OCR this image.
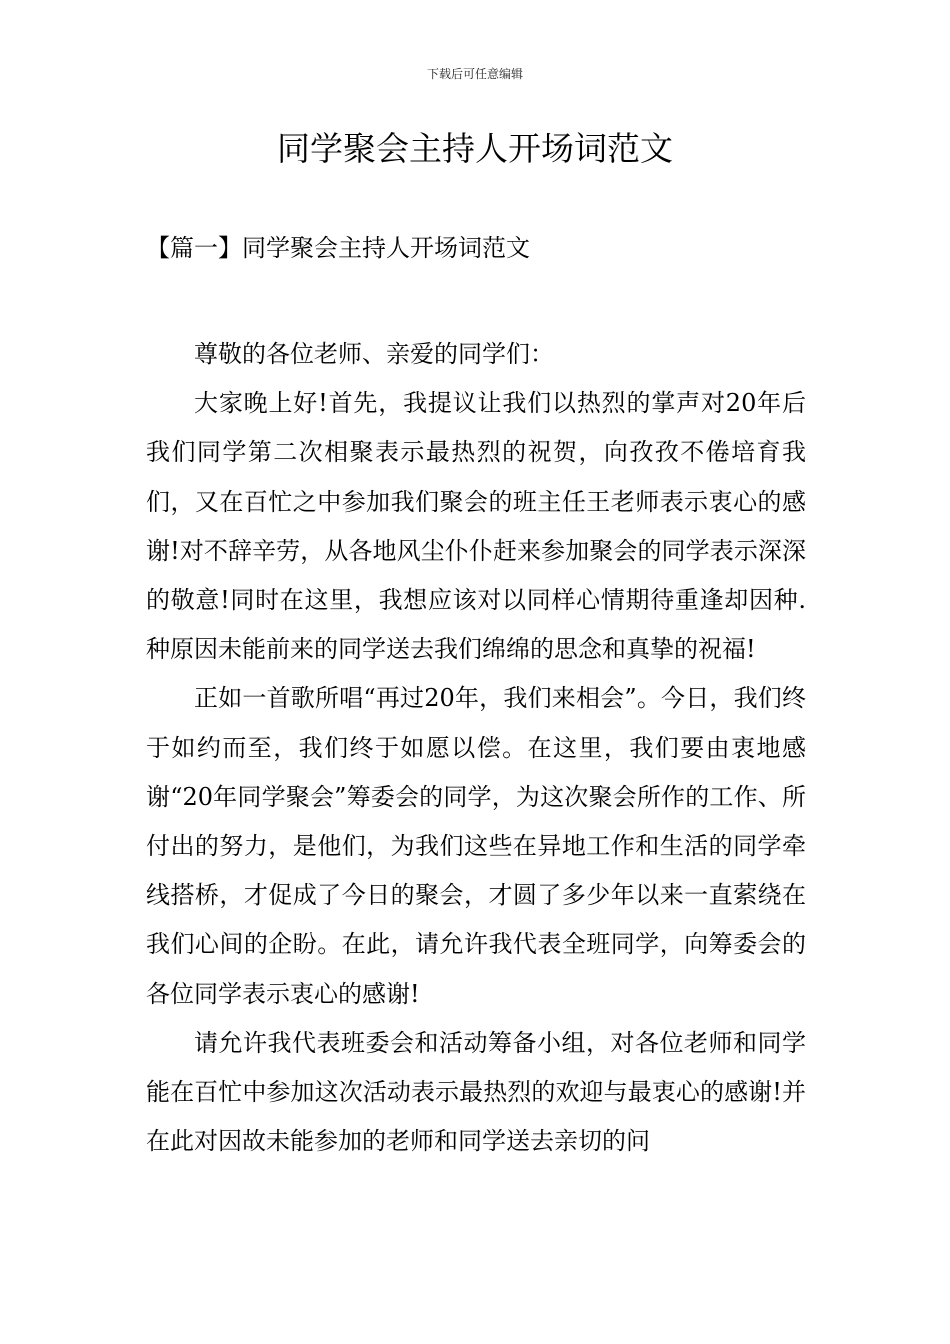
下载后可任意编辑
同学聚会主持人开场词范文
【篇一】同学聚会主持人开场词范文

尊敬的各位老师、亲爱的同学们：

大家晚上好!首先，我提议让我们以热烈的掌声对20年后我们同学第二次相聚表示最热烈的祝贺，向孜孜不倦培育我们，又在百忙之中参加我们聚会的班主任王老师表示衷心的感谢!对不辞辛劳，从各地风尘仆仆赶来参加聚会的同学表示深深的敬意!同时在这里，我想应该对以同样心情期待重逢却因种.种原因未能前来的同学送去我们绵绵的思念和真挚的祝福!

正如一首歌所唱“再过20年，我们来相会”。今日，我们终于如约而至，我们终于如愿以偿。在这里，我们要由衷地感谢“20年同学聚会”筹委会的同学，为这次聚会所作的工作、所付出的努力，是他们，为我们这些在异地工作和生活的同学牵线搭桥，才促成了今日的聚会，才圆了多少年以来一直萦绕在我们心间的企盼。在此，请允许我代表全班同学，向筹委会的各位同学表示衷心的感谢!

请允许我代表班委会和活动筹备小组，对各位老师和同学能在百忙中参加这次活动表示最热烈的欢迎与最衷心的感谢!并在此对因故未能参加的老师和同学送去亲切的问
